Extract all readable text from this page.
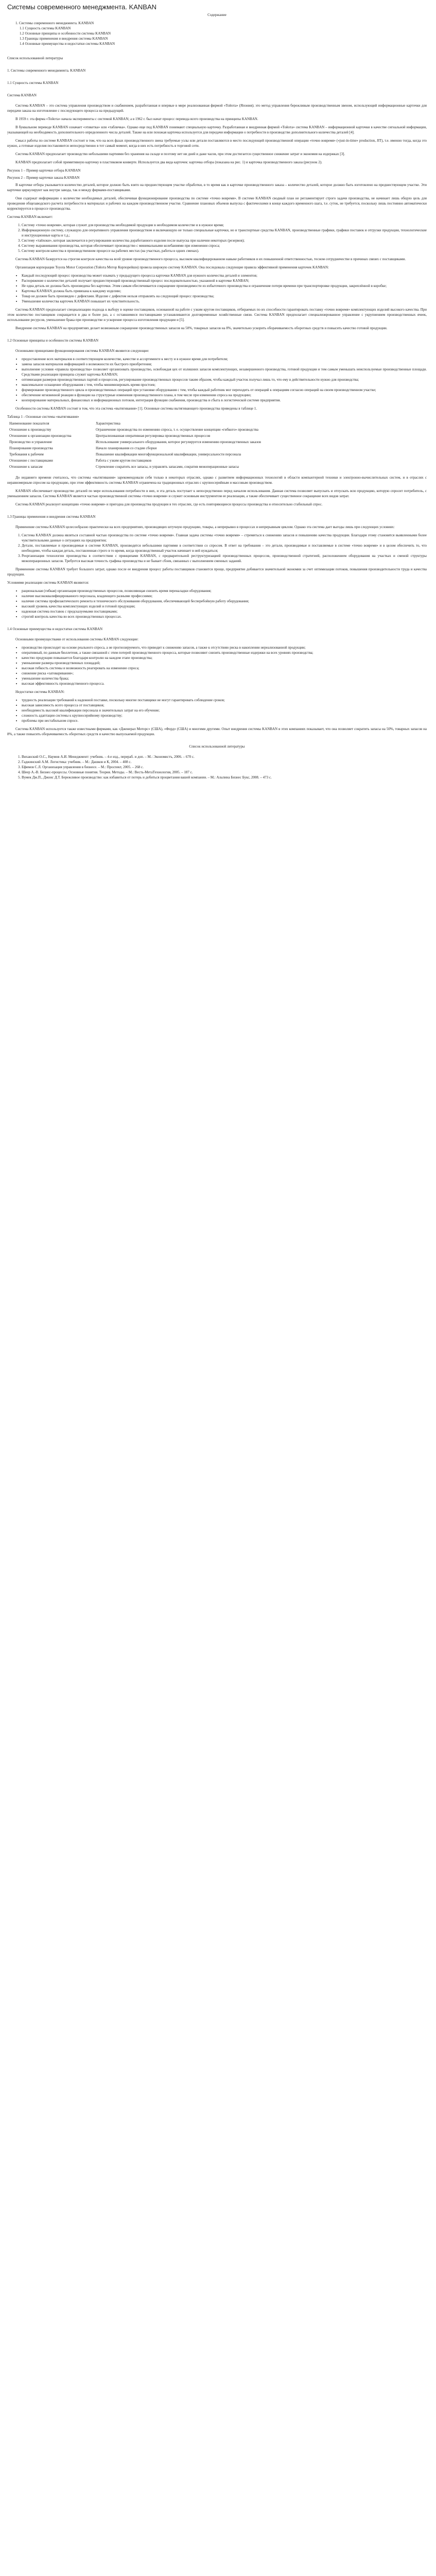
Системы современного менеджмента. KANBAN
Содержание
1. Системы современного менеджмента. KANBAN
1.1 Сущность системы KANBAN
1.2 Основные принципы и особенности системы KANBAN
1.3 Границы применения и внедрения системы KANBAN
1.4 Основные преимущества и недостатки системы KANBAN
Список использованной литературы
1. Системы современного менеджмента. KANBAN
1.1 Сущность системы KANBAN
Система KANBAN

Система KANBAN – это система управления производством и снабжением, разработанная и впервые в мире реализованная фирмой «Тойота» (Япония); это метод управления бережливым производственным звеном, использующий информационные карточки для передачи заказа на изготовление с последующего процесса на предыдущий.

В 1959 г. эта фирма «Тойота» начала эксперименты с системой KANBAN; а в 1962 г. был начат процесс перевода всего производства на принципы KANBAN.

В буквальном переводе KANBAN означает «этикетка» или «табличка». Однако еще под KANBAN понимают специальную карточку. Разработанная и внедренная фирмой «Тойота» система KANBAN – информационной карточки в качестве сигнальной информации, указывающей на необходимость дополнительного определенного числа деталей. Также на или похожая карточка используется для передачи информации о потребности в производстве дополнительного количества деталей [4].

Смысл работы по системе KANBAN состоит в том, что на всех фазах производственного звена требуемые узлы или детали поставляются в место последующей производственной операции «точно вовремя» («just-in-time» production, JIT), т.е. именно тогда, когда это нужно, а готовые изделия поставляются непосредственно в тот самый момент, когда в них есть потребность в торговой сети.

Система KANBAN предполагает производство небольшими партиями без хранения на складе и поэтому нет ни дней и даже часов, при этом достигается существенное снижение затрат и экономия на издержках [3].

KANBAN предполагает собой примитивную карточку в пластиковом конверте. Используется два вида карточек: карточка отбора (показана на рис. 1) и карточка производственного заказа (рисунок 2).

Рисунок 1 – Пример карточки отбора KANBAN
Рисунок 2 – Пример карточки заказа KANBAN

В карточке отбора указывается количество деталей, которое должно быть взято на предшествующем участке обработки, в то время как в карточке производственного заказа – количество деталей, которое должно быть изготовлено на предшествующем участке. Эти карточки циркулируют как внутри завода, так и между фирмами-поставщиками.

Они содержат информацию о количестве необходимых деталей, обеспечивая функционирование производства по системе «точно вовремя». В системе KANBAN сводный план не регламентирует строго задачи производства, не начинает лишь общую цель для проведения общезаводского расчета потребности в материалах и рабочих на каждом производственном участке. Сравнение плановых объемов выпуска с фактическими в конце каждого временного шага, т.е. суток, не требуется, поскольку лишь постоянно автоматически корректируется в процессе производства.

Система KANBAN включает:

1. Систему «точно вовремя», которая служит для производства необходимой продукции в необходимом количестве и в нужное время;
2. Информационную систему, служащую для оперативного управления производством и включающую не только специальные карточки, но и транспортные средства KANBAN, производственные графики, графики поставок и отгрузки продукции, технологические и инструкционные карты и т.д.;
3. Систему «тайхоки», которая заключается в регулировании количества доработанного изделия после выпуска при наличии некоторых (резервов);
4. Систему выравнивания производства, которая обеспечивает производство с минимальными колебаниями при изменении спроса;
5. Систему контроля качества в производственном процессе на рабочих местах (на участках, работы в одних сменах).

Система KANBAN базируется на строгом контроле качества на всей уровне производственного процесса, высоком квалифицированном навыке работников и их повышенной ответственностью, тесном сотрудничестве в причинах связих с поставщиками.

Организация корпорации Toyota Motor Corporation (Тойота Мотор Корпорейшн) провела широкую систему KANBAN. Она последовала следующие правила эффективной применения карточек KANBAN:

• Каждый последующий процесс производства может изымать у предыдущего процесса карточки KANBAN для нужного количества деталей и элементов;
• Распоряжение о количестве деталей получает предшествующий производственный процесс последовательностью, указанной в карточке KANBAN;
• Не одна деталь не должна быть произведена без карточки. Этим самым обеспечивается сокращение производимости из избыточного производства и ограничение потери времени при транспортировке продукции, закреплённой в коробке;
• Карточка KANBAN должна быть привязана к каждому изделию;
• Товар не должен быть произведен с дефектами. Изделие с дефектом нельзя отправлять на следующий процесс производства;
• Уменьшение количества карточек KANBAN повышает их чувствительность.

Система KANBAN предполагает специализацию подхода к выбору в оценке поставщиков, основанной на работе с узким кругом поставщиков, отбираемых по их способности гарантировать поставку «точно вовремя» комплектующих изделий высокого качества. При этом количество поставщиков сокращается в два и более раз, а с оставшимися поставщиками устанавливаются долговременные хозяйственные связи. Система KANBAN предполагает специализированное управление с укрупнением производственных ячеек, использование ресурсов, уменьшение брака при производстве и ускорение процесса изготовления продукции и [5].

Внедрение системы KANBAN на предприятиях делает возможным сокращение производственных запасов на 50%, товарных запасов на 8%, значительно ускорить оборачиваемость оборотных средств и повысить качество готовой продукции.

1.2 Основные принципы и особенности системы KANBAN

Основными принципами функционирования системы KANBAN являются следующие:

• предоставление всех материалов в соответствующем количестве, качестве и ассортименте к месту и в нужное время для потребителя;
• замена запасов материалов информацией о возможности их быстрого приобретения;
• выполнение условия «правила производства» позволяет организовать производство, освобождая цех от излишних запасов комплектующих, незавершенного производства, готовой продукции и тем самым уменьшать неиспользуемые производственные площади. Средствами реализации принципа служит карточка KANBAN;
• оптимизация размеров производственных партий и процессов, регулирование производственных процессов таким образом, чтобы каждый участок получал лишь то, что ему в действительности нужно для производства;
• максимальное оснащение оборудования с тем, чтобы минимизировать время простоев;
• формирование производственного цикла и производственных операций при установке оборудования с тем, чтобы каждый работник мог переходить от операций к операциям согласно операций на своем производственном участке;
• обеспечение мгновенной реакции в функции на структурные изменения производственного плана, в том числе при изменении спроса на продукцию;
• кооперирование материальных, финансовых и информационных потоков, интеграция функции снабжения, производства и сбыта в логистической системе предприятия.

Особенности системы KANBAN состоят в том, что эта система «вытягивания» [1]. Основные системы вытягивающего производства приведены в таблице 1.

Таблица 1 - Основные системы «вытягивания»
Наименование показателя	Характеристика
Отношение к производству	Ограничение производства по изменению спроса, т. е. осуществление концепции «гибкого» производства
Отношение к организации производства	Централизованная оперативная регулировка производственных процессов
Производство и управление	Использование универсального оборудования, которое регулируется изменению производственных заказов
Планирование производства	Начало планирования со стадии сборки
Требования к рабочим	Повышение квалификации многофункциональной квалификации, универсальности персонала
Отношение с поставщиками	Работа с узким кругом поставщиков
Отношение к запасам	Стремление сократить все запасы, и управлять запасами, сократив межоперационные запасы

До недавнего времени считалось, что системы «вытягивания» зарекомендовали себя только в некоторых отраслях, однако с развитием информационных технологий в области компьютерной техники и электронно-вычислительных систем, и в отраслях с неравномерным спросом на продукцию, при этом эффективность системы KANBAN ограничена на традиционных отраслях с крупносерийным и массовым производством.

KANBAN обеспечивает производство деталей по мере использования потребности в них, и эта деталь поступает к непосредственно перед началом использования. Данная система позволяет выпускать и отпускать всю продукцию, которую спросит потребитель, с уменьшением запасов. Система KANBAN является частью производственной системы «точно вовремя» и служит основным инструментом ее реализации, а также обеспечивает существенное сокращение всех видов затрат.

Система KANBAN реализует концепцию «точно вовремя» и пригодна для производства продукции в тех отраслях, где есть повторяющиеся процессы производства и относительно стабильный спрос.

1.3 Границы применения и внедрения системы KANBAN

Применение системы KANBAN целесообразно практически на всех предприятиях, производящих штучную продукцию, товары, а непрерывно в процессах и непрерывным циклом. Однако эта система дает выгоды лишь при следующих условиях:

1. Система KANBAN должна являться составной частью производства по системе «точно вовремя». Главная задача системы «точно вовремя» – стремиться к снижению запасов и повышению качества продукции. Благодаря этому становятся выявленными более чувствительными данные о ситуациях на предприятии;
2. Детали, поставляемые и производимые в системе KANBAN, производятся небольшими партиями в соответствии со спросом. В ответ на требования – это детали, производимые и поставляемые в системе «точно вовремя» и в целом обеспечить то, что необходимо, чтобы каждая деталь, поставленная строго в то время, когда производственный участок начинает в ней нуждаться;
3. Реорганизация технологии производства в соответствии с принципами KANBAN, с предварительной реструктуризацией производственных процессов, производственной стратегией, расположением оборудования на участках и сменой структуры межоперационных запасов. Требуется высокая точность графика производства и не бывает сбоев, связанных с выполнением сменных заданий.

Применение системы KANBAN требует большого затрат, однако после ее внедрения процесс работы поставщиков становится проще, предприятие добивается значительной экономии за счет оптимизации потоков, повышения производительности труда и качества продукции.

Условиями реализации системы KANBAN являются:

• рациональная (гибкая) организация производственных процессов, позволяющая снизить время переналадки оборудования;
• наличие высококвалифицированного персонала, владеющего разными профессиями;
• наличие системы профилактического ремонта и технического обслуживания оборудования, обеспечивающей бесперебойную работу оборудования;
• высокий уровень качества комплектующих изделий и готовой продукции;
• надежная система поставок с предсказуемыми поставщиками;
• строгий контроль качества во всех производственных процессах.
1.4 Основные преимущества и недостатки системы KANBAN

Основными преимуществами от использования системы KANBAN следующие:

• производство происходит на основе реального спроса, а не прогнозируемого, что приводит к снижению запасов, а также к отсутствию риска в накоплении нереализованной продукции;
• оперативный, по данным бюллетеня, а также связанной с этим потерей производственного процесса, которые позволяют снизить производственные издержки на всех уровнях производства;
• качество продукции повышается благодаря контролю на каждом этапе производства;
• уменьшение размера производственных площадей;
• высокая гибкость системы и возможность реагировать на изменение спроса;
• снижение риска «затоваривания»;
• уменьшение количества брака;
• высокая эффективность производственного процесса.

Недостатки системы KANBAN:

• трудность реализации требований к надежной поставке, поскольку многие поставщики не могут гарантировать соблюдение сроков;
• высокая зависимость всего процесса от поставщиков;
• необходимость высокой квалификации персонала и значительных затрат на его обучение;
• сложность адаптации системы к крупносерийному производству;
• проблемы при нестабильном спросе.

Система KANBAN используется также известными фирмами, как «Дженерал Моторс» (США), «Форд» (США) и многими другими. Опыт внедрения системы KANBAN в этих компаниях показывает, что она позволяет сократить запасы на 50%, товарных запасов на 8%, а также повысить оборачиваемость оборотных средств и качество выпускаемой продукции.

Список использованной литературы
1. Виханский О.С., Наумов А.И. Менеджмент: учебник. – 4-е изд., перераб. и доп. – М.: Экономистъ, 2006. – 670 с.
2. Гаджинский А.М. Логистика: учебник. – М.: Дашков и К, 2004. – 408 с.
3. Ефимов С.Л. Организация управления в бизнесе. – М.: Проспект, 2005. – 268 с.
4. Шеер А.-В. Бизнес-процессы. Основные понятия. Теория. Методы. – М.: Весть-МетаТехнология, 2005. – 187 с.
5. Вумек Дж.П., Джонс Д.Т. Бережливое производство: как избавиться от потерь и добиться процветания вашей компании. – М.: Альпина Бизнес Букс, 2008. – 473 с.
